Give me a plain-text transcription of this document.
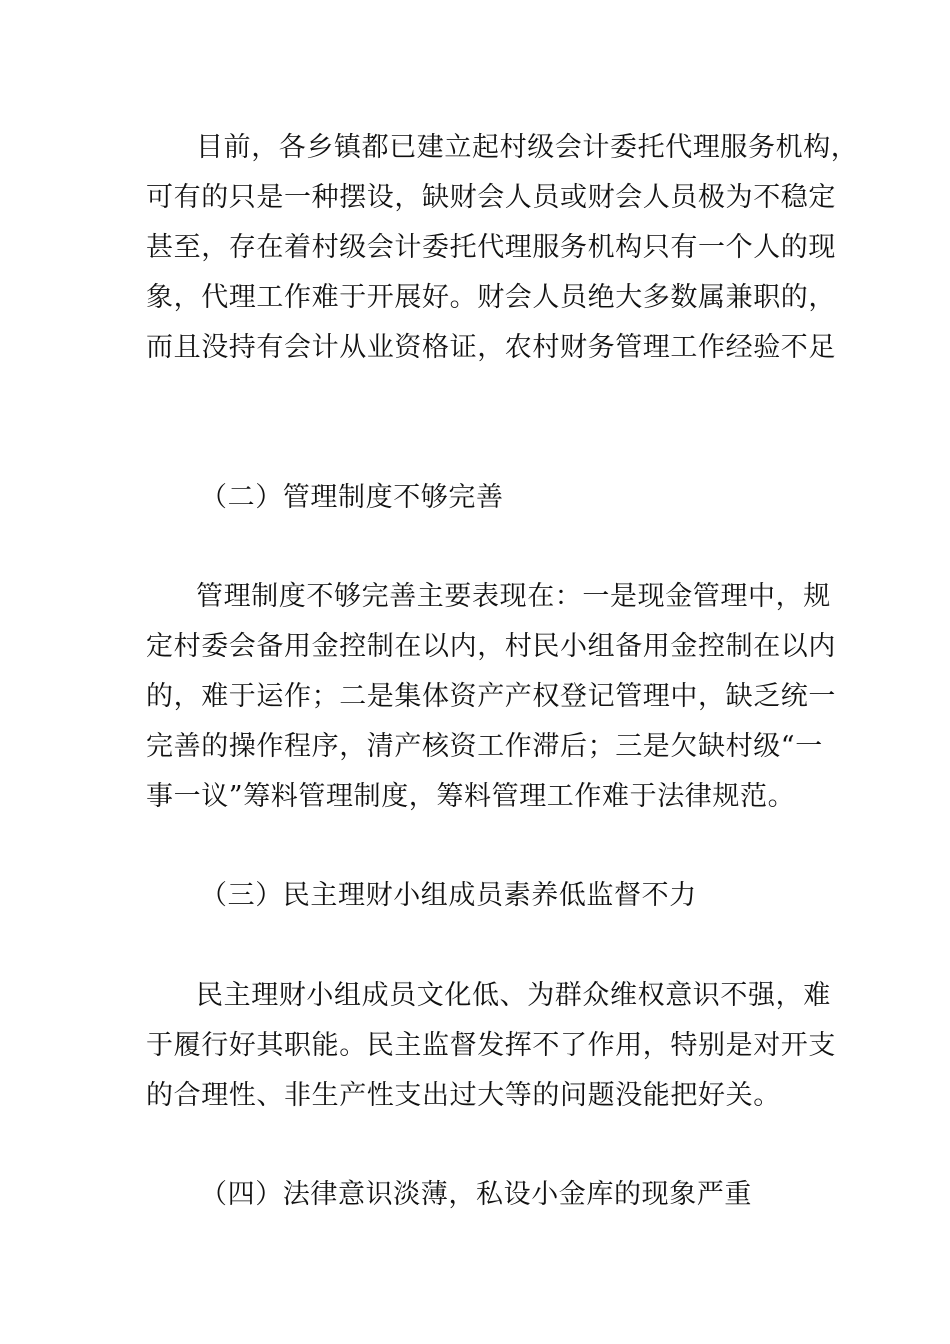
目前，各乡镇都已建立起村级会计委托代理服务机构，
可有的只是一种摆设，缺财会人员或财会人员极为不稳定
甚至，存在着村级会计委托代理服务机构只有一个人的现
象，代理工作难于开展好。财会人员绝大多数属兼职的，
而且没持有会计从业资格证，农村财务管理工作经验不足
（二）管理制度不够完善
管理制度不够完善主要表现在：一是现金管理中，规
定村委会备用金控制在以内，村民小组备用金控制在以内
的，难于运作；二是集体资产产权登记管理中，缺乏统一
完善的操作程序，清产核资工作滞后；三是欠缺村级“一
事一议”筹料管理制度，筹料管理工作难于法律规范。
（三）民主理财小组成员素养低监督不力
民主理财小组成员文化低、为群众维权意识不强，难
于履行好其职能。民主监督发挥不了作用，特别是对开支
的合理性、非生产性支出过大等的问题没能把好关。
（四）法律意识淡薄，私设小金库的现象严重
